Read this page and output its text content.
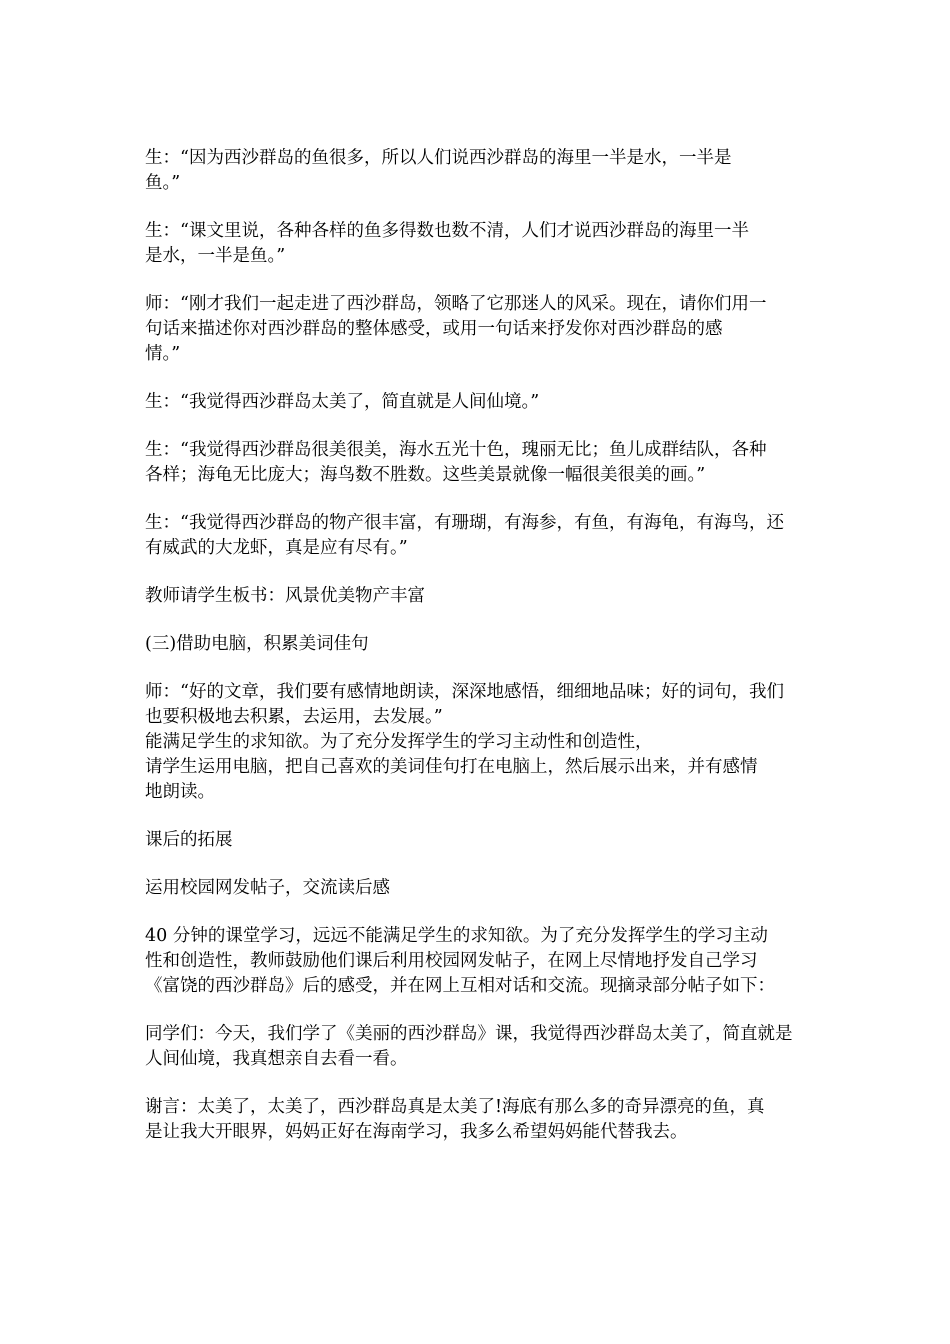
生：“因为西沙群岛的鱼很多，所以人们说西沙群岛的海里一半是水，一半是
鱼。”

生：“课文里说，各种各样的鱼多得数也数不清，人们才说西沙群岛的海里一半
是水，一半是鱼。”

师：“刚才我们一起走进了西沙群岛，领略了它那迷人的风采。现在，请你们用一
句话来描述你对西沙群岛的整体感受，或用一句话来抒发你对西沙群岛的感
情。”

生：“我觉得西沙群岛太美了，简直就是人间仙境。”

生：“我觉得西沙群岛很美很美，海水五光十色，瑰丽无比；鱼儿成群结队，各种
各样；海龟无比庞大；海鸟数不胜数。这些美景就像一幅很美很美的画。”

生：“我觉得西沙群岛的物产很丰富，有珊瑚，有海参，有鱼，有海龟，有海鸟，还
有威武的大龙虾，真是应有尽有。”

教师请学生板书：风景优美物产丰富

(三)借助电脑，积累美词佳句

师：“好的文章，我们要有感情地朗读，深深地感悟，细细地品味；好的词句，我们
也要积极地去积累，去运用，去发展。”
能满足学生的求知欲。为了充分发挥学生的学习主动性和创造性，
请学生运用电脑，把自己喜欢的美词佳句打在电脑上，然后展示出来，并有感情
地朗读。

课后的拓展

运用校园网发帖子，交流读后感

40 分钟的课堂学习，远远不能满足学生的求知欲。为了充分发挥学生的学习主动
性和创造性，教师鼓励他们课后利用校园网发帖子，在网上尽情地抒发自己学习
《富饶的西沙群岛》后的感受，并在网上互相对话和交流。现摘录部分帖子如下：

同学们：今天，我们学了《美丽的西沙群岛》课，我觉得西沙群岛太美了，简直就是
人间仙境，我真想亲自去看一看。

谢言：太美了，太美了，西沙群岛真是太美了!海底有那么多的奇异漂亮的鱼，真
是让我大开眼界，妈妈正好在海南学习，我多么希望妈妈能代替我去。
